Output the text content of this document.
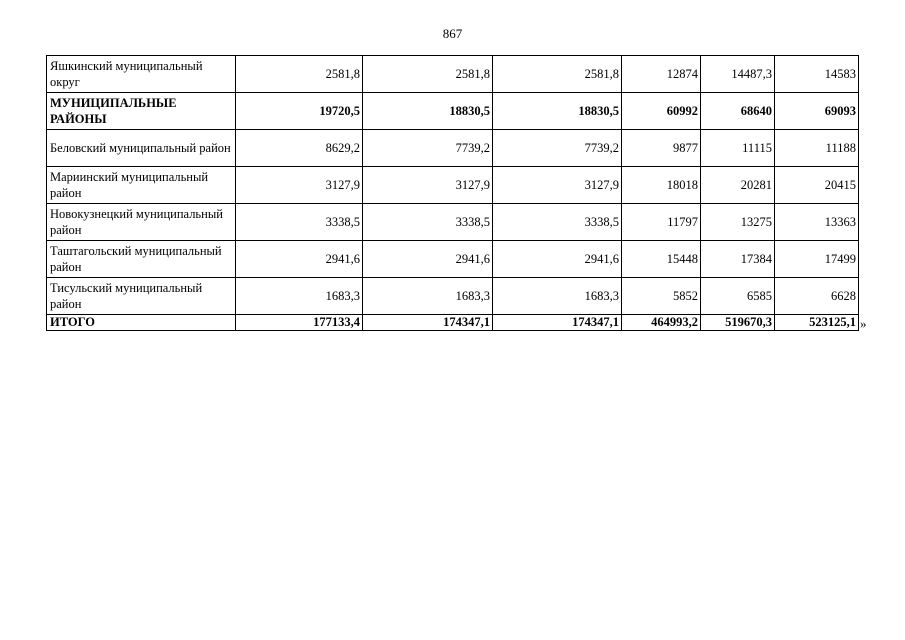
867
Яшкинский муниципальный округ	2581,8	2581,8	2581,8	12874	14487,3	14583
МУНИЦИПАЛЬНЫЕ РАЙОНЫ	19720,5	18830,5	18830,5	60992	68640	69093
Беловский муниципальный район	8629,2	7739,2	7739,2	9877	11115	11188
Мариинский муниципальный район	3127,9	3127,9	3127,9	18018	20281	20415
Новокузнецкий муниципальный район	3338,5	3338,5	3338,5	11797	13275	13363
Таштагольский муниципальный район	2941,6	2941,6	2941,6	15448	17384	17499
Тисульский муниципальный район	1683,3	1683,3	1683,3	5852	6585	6628
ИТОГО	177133,4	174347,1	174347,1	464993,2	519670,3	523125,1 »
